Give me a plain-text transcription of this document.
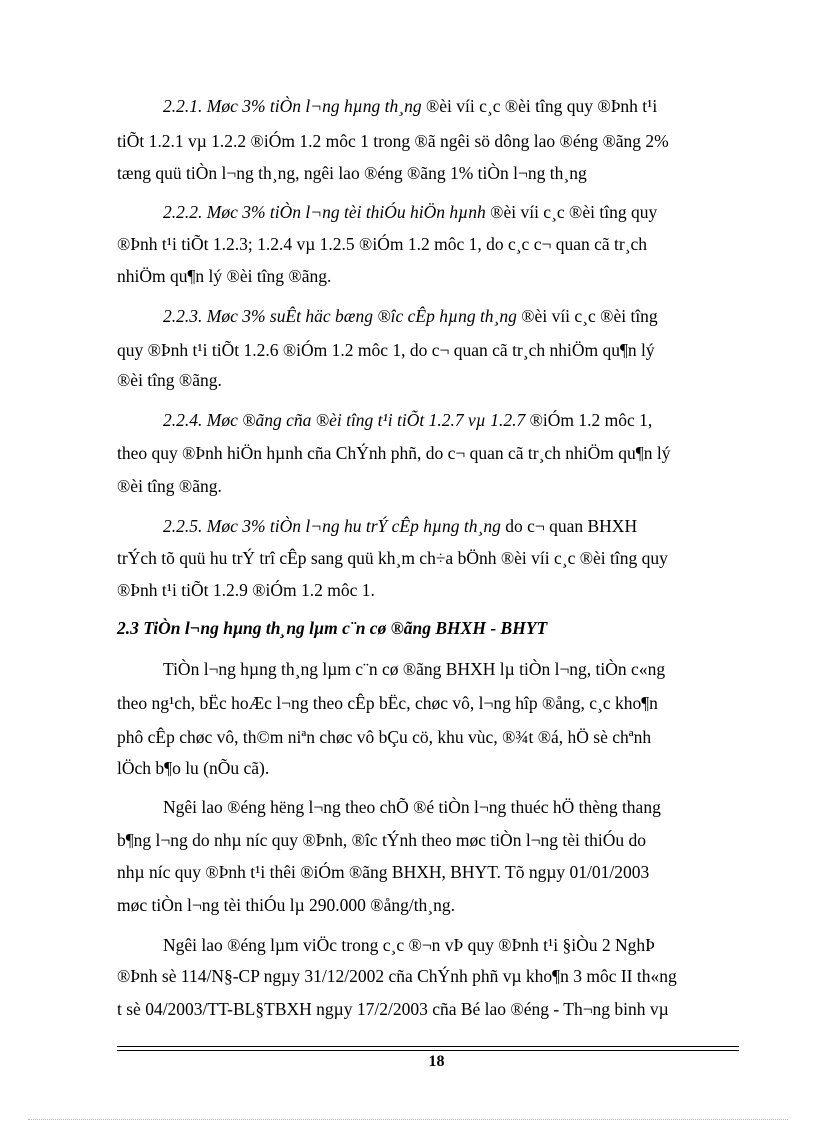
2.2.1. Møc 3% tiÒn l¬ng hµng th¸ng ®èi víi c¸c ®èi tîng quy ®Þnh t¹i
tiÕt 1.2.1 vµ 1.2.2 ®iÓm 1.2 môc 1 trong ®ã ngêi sö dông lao ®éng ®ãng 2%
tæng quü tiÒn l¬ng th¸ng, ngêi lao ®éng ®ãng 1% tiÒn l¬ng th¸ng
2.2.2. Møc 3% tiÒn l¬ng tèi thiÓu hiÖn hµnh ®èi víi c¸c ®èi tîng quy
®Þnh t¹i tiÕt 1.2.3; 1.2.4 vµ 1.2.5 ®iÓm 1.2 môc 1, do c¸c c¬ quan cã tr¸ch
nhiÖm qu¶n lý ®èi tîng ®ãng.
2.2.3. Møc 3% suÊt häc bæng ®îc cÊp hµng th¸ng ®èi víi c¸c ®èi tîng
quy ®Þnh t¹i tiÕt 1.2.6 ®iÓm 1.2 môc 1, do c¬ quan cã tr¸ch nhiÖm qu¶n lý
®èi tîng ®ãng.
2.2.4. Møc ®ãng cña ®èi tîng t¹i tiÕt 1.2.7 vµ 1.2.7 ®iÓm 1.2 môc 1,
theo quy ®Þnh hiÖn hµnh cña ChÝnh phñ, do c¬ quan cã tr¸ch nhiÖm qu¶n lý
®èi tîng ®ãng.
2.2.5. Møc 3% tiÒn l¬ng hu trÝ cÊp hµng th¸ng do c¬ quan BHXH
trÝch tõ quü hu trÝ trî cÊp sang quü kh¸m ch÷a bÖnh ®èi víi c¸c ®èi tîng quy
®Þnh t¹i tiÕt 1.2.9 ®iÓm 1.2 môc 1.
2.3 TiÒn l¬ng hµng th¸ng lµm c¨n cø ®ãng BHXH - BHYT
TiÒn l¬ng hµng th¸ng lµm c¨n cø ®ãng BHXH lµ tiÒn l¬ng, tiÒn c«ng
theo ng¹ch, bËc hoÆc l¬ng theo cÊp bËc, chøc vô, l¬ng hîp ®ång, c¸c kho¶n
phô cÊp chøc vô, th©m niªn chøc vô bÇu cö, khu vùc, ®¾t ®á, hÖ sè chªnh
lÖch b¶o lu (nÕu cã).
Ngêi lao ®éng hëng l¬ng theo chÕ ®é tiÒn l¬ng thuéc hÖ thèng thang
b¶ng l¬ng do nhµ níc quy ®Þnh, ®îc tÝnh theo møc tiÒn l¬ng tèi thiÓu do
nhµ níc quy ®Þnh t¹i thêi ®iÓm ®ãng BHXH, BHYT. Tõ ngµy 01/01/2003
møc tiÒn l¬ng tèi thiÓu lµ 290.000 ®ång/th¸ng.
Ngêi lao ®éng lµm viÖc trong c¸c ®¬n vÞ quy ®Þnh t¹i §iÒu 2 NghÞ
®Þnh sè 114/N§-CP ngµy 31/12/2002 cña ChÝnh phñ vµ kho¶n 3 môc II th«ng
t sè 04/2003/TT-BL§TBXH ngµy 17/2/2003 cña Bé lao ®éng - Th¬ng binh vµ
18
